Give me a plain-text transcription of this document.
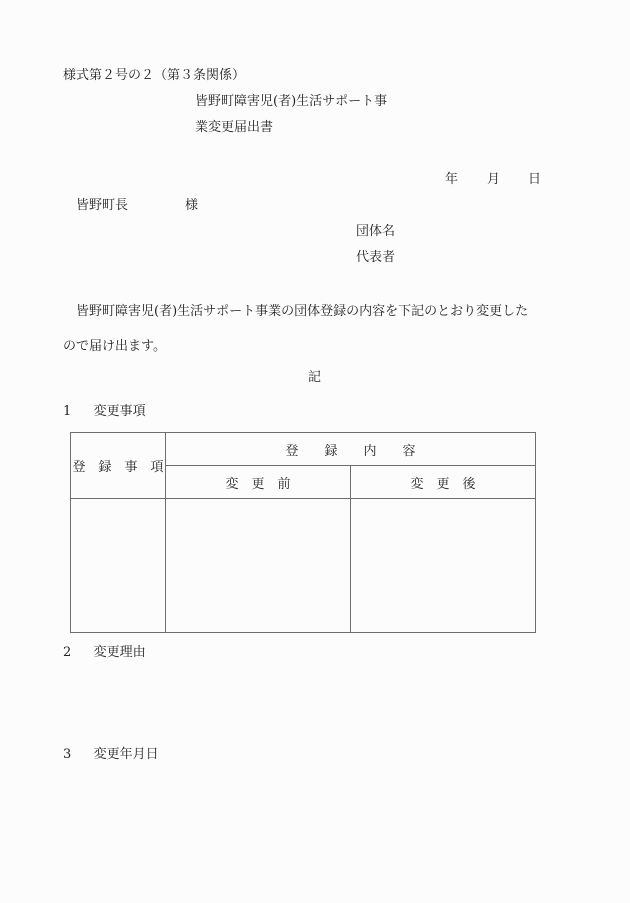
様式第２号の２（第３条関係）
皆野町障害児(者)生活サポート事
業変更届出書
年 月 日
皆野町長	様
団体名
代表者
皆野町障害児(者)生活サポート事業の団体登録の内容を下記のとおり変更した
ので届け出ます。
記
1 変更事項
登　録　事　項	登　　録　　内　　容	
	変　更　前	変　更　後

2 変更理由
3 変更年月日
